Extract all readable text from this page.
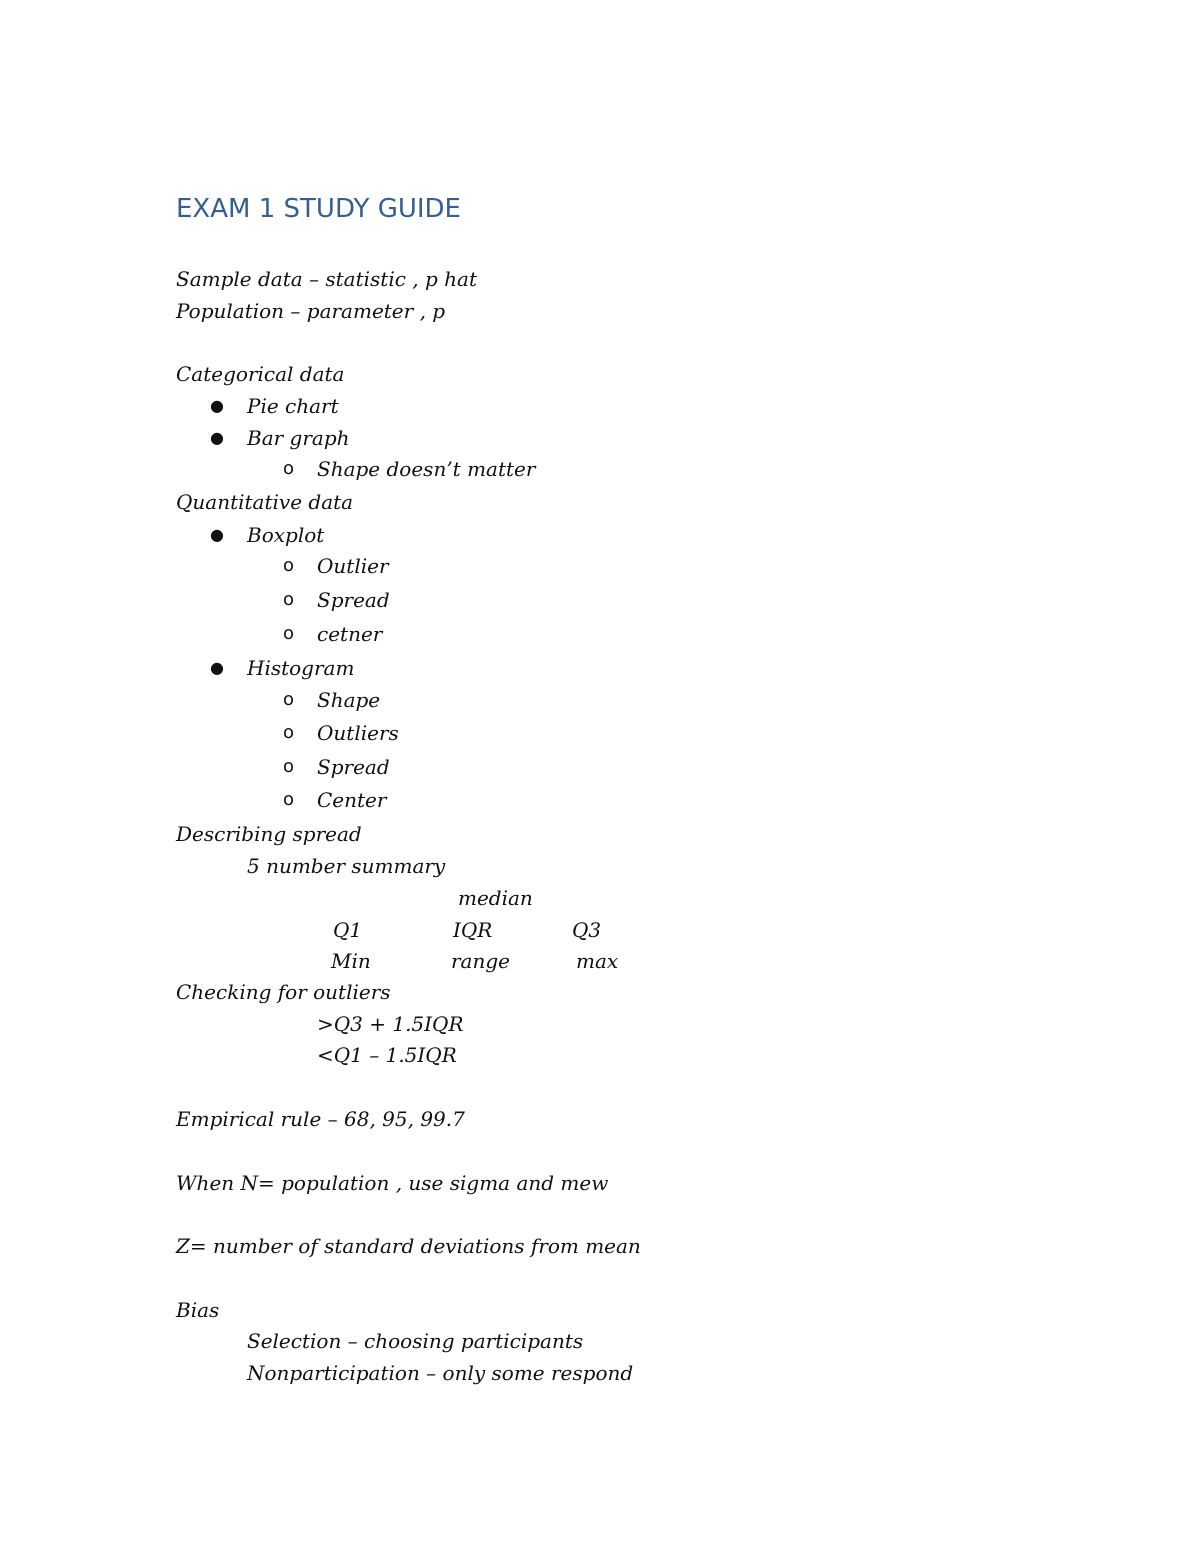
EXAM 1 STUDY GUIDE
Sample data – statistic , p hat
Population – parameter , p
Categorical data
● Pie chart
● Bar graph
o Shape doesn’t matter
Quantitative data
● Boxplot
o Outlier
o Spread
o cetner
● Histogram
o Shape
o Outliers
o Spread
o Center
Describing spread
5 number summary
median
Q1	IQR	Q3
Min	range	max
Checking for outliers
>Q3 + 1.5IQR
<Q1 – 1.5IQR
Empirical rule – 68, 95, 99.7
When N= population , use sigma and mew
Z= number of standard deviations from mean
Bias
Selection – choosing participants
Nonparticipation – only some respond
